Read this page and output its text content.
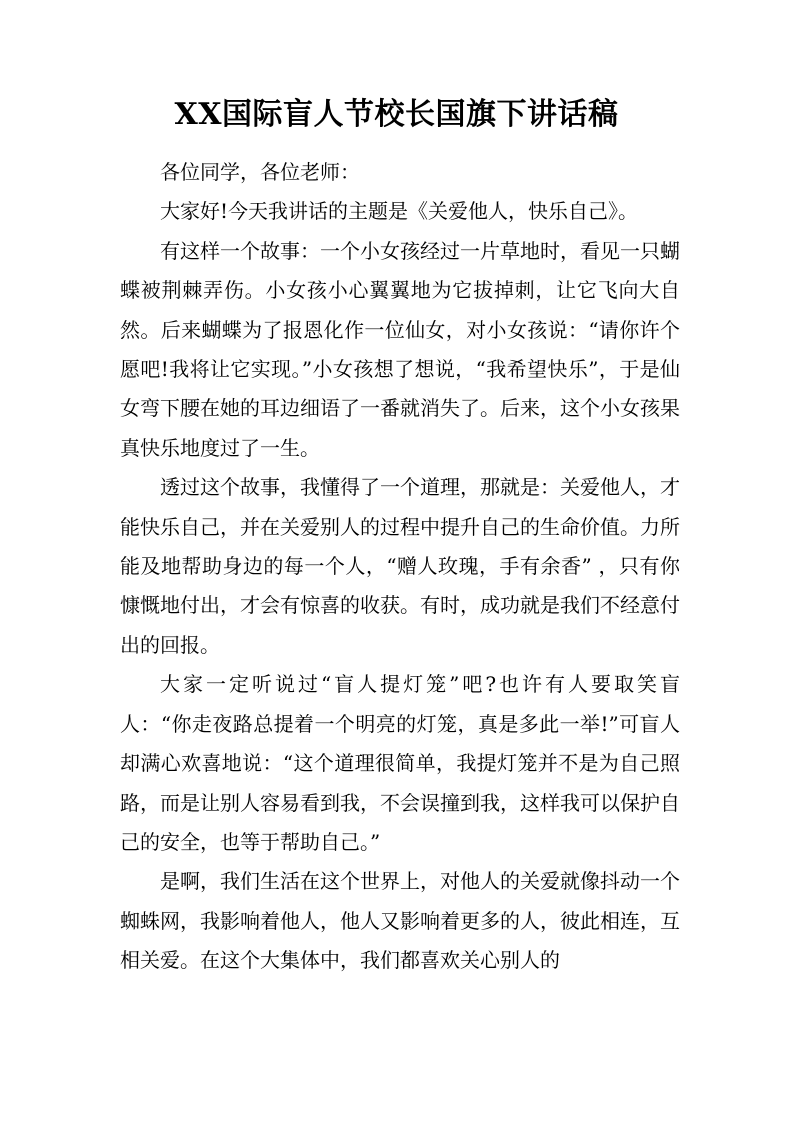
XX国际盲人节校长国旗下讲话稿

各位同学，各位老师：

大家好!今天我讲话的主题是《关爱他人，快乐自己》。

有这样一个故事：一个小女孩经过一片草地时，看见一只蝴蝶被荆棘弄伤。小女孩小心翼翼地为它拔掉刺，让它飞向大自然。后来蝴蝶为了报恩化作一位仙女，对小女孩说：“请你许个愿吧!我将让它实现。”小女孩想了想说，“我希望快乐”，于是仙女弯下腰在她的耳边细语了一番就消失了。后来，这个小女孩果真快乐地度过了一生。

透过这个故事，我懂得了一个道理，那就是：关爱他人，才能快乐自己，并在关爱别人的过程中提升自己的生命价值。力所能及地帮助身边的每一个人，“赠人玫瑰，手有余香” ，只有你慷慨地付出，才会有惊喜的收获。有时，成功就是我们不经意付出的回报。

大家一定听说过“盲人提灯笼”吧?也许有人要取笑盲人：“你走夜路总提着一个明亮的灯笼，真是多此一举!”可盲人却满心欢喜地说：“这个道理很简单，我提灯笼并不是为自己照路，而是让别人容易看到我，不会误撞到我，这样我可以保护自己的安全，也等于帮助自己。”

是啊，我们生活在这个世界上，对他人的关爱就像抖动一个蜘蛛网，我影响着他人，他人又影响着更多的人，彼此相连，互相关爱。在这个大集体中，我们都喜欢关心别人的
